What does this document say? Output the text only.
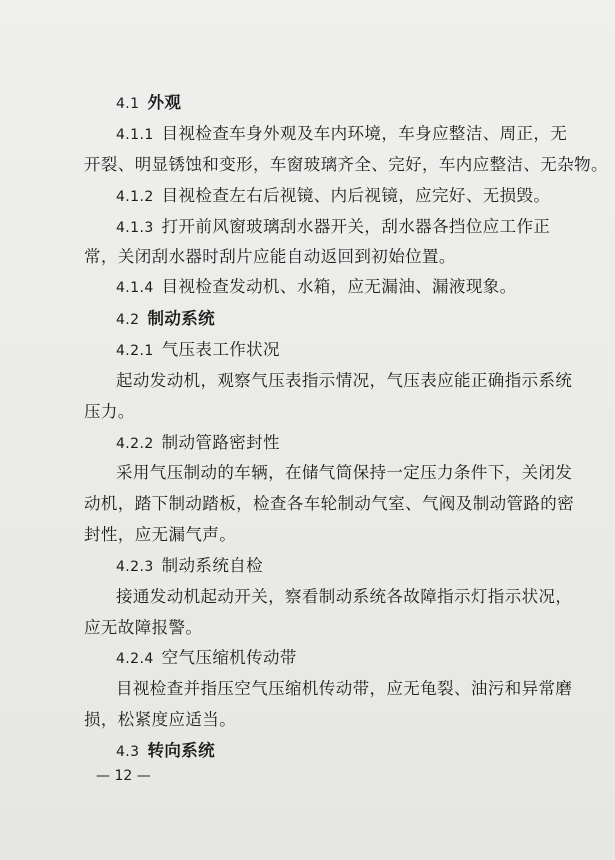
4.1 外观
4.1.1 目视检查车身外观及车内环境，车身应整洁、周正，无
开裂、明显锈蚀和变形，车窗玻璃齐全、完好，车内应整洁、无杂物。
4.1.2 目视检查左右后视镜、内后视镜，应完好、无损毁。
4.1.3 打开前风窗玻璃刮水器开关，刮水器各挡位应工作正
常，关闭刮水器时刮片应能自动返回到初始位置。
4.1.4 目视检查发动机、水箱，应无漏油、漏液现象。
4.2 制动系统
4.2.1 气压表工作状况
起动发动机，观察气压表指示情况，气压表应能正确指示系统
压力。
4.2.2 制动管路密封性
采用气压制动的车辆，在储气筒保持一定压力条件下，关闭发
动机，踏下制动踏板，检查各车轮制动气室、气阀及制动管路的密
封性，应无漏气声。
4.2.3 制动系统自检
接通发动机起动开关，察看制动系统各故障指示灯指示状况，
应无故障报警。
4.2.4 空气压缩机传动带
目视检查并指压空气压缩机传动带，应无龟裂、油污和异常磨
损，松紧度应适当。
4.3 转向系统
— 12 —
